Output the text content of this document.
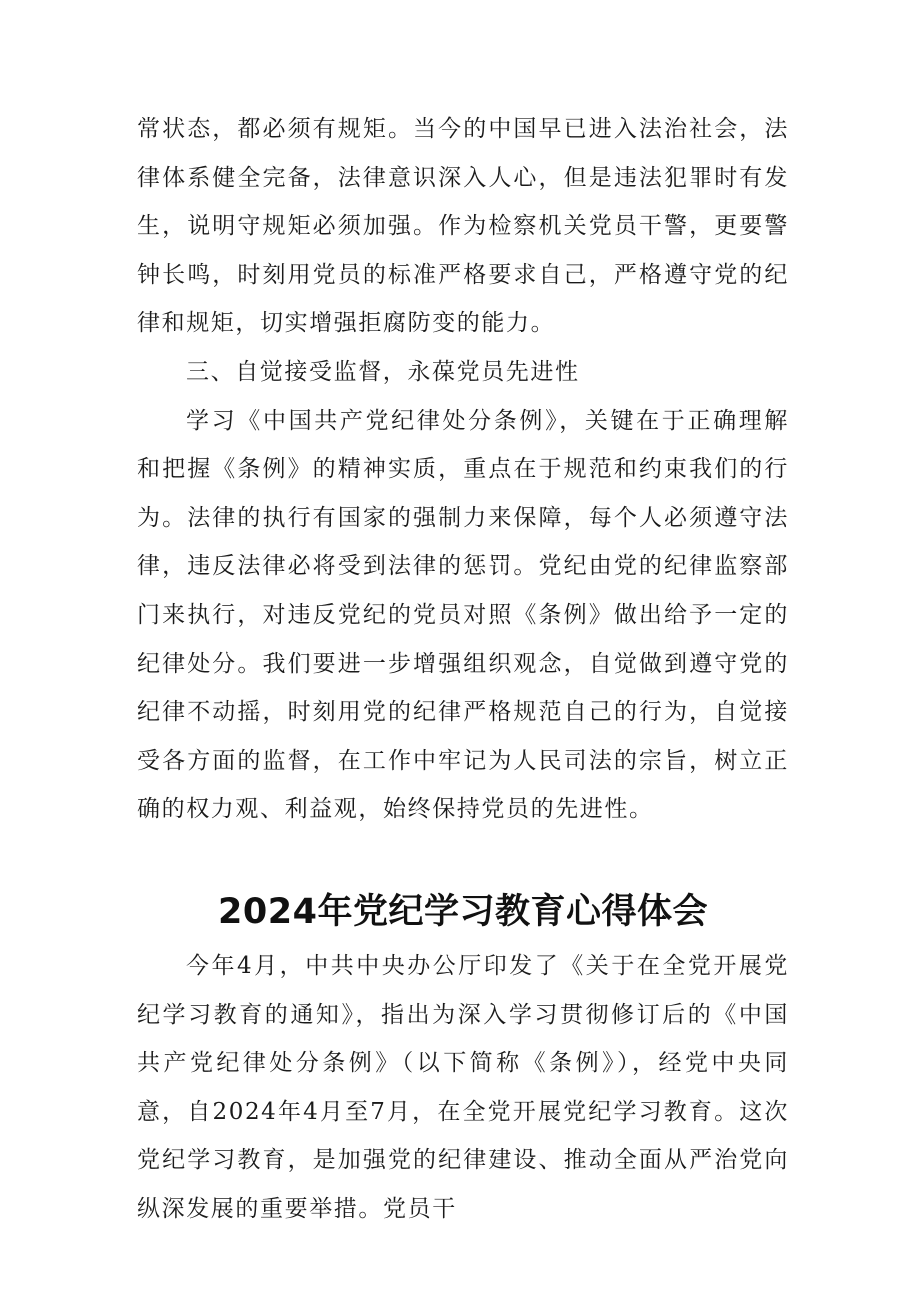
常状态，都必须有规矩。当今的中国早已进入法治社会，法律体系健全完备，法律意识深入人心，但是违法犯罪时有发生，说明守规矩必须加强。作为检察机关党员干警，更要警钟长鸣，时刻用党员的标准严格要求自己，严格遵守党的纪律和规矩，切实增强拒腐防变的能力。

三、自觉接受监督，永葆党员先进性

学习《中国共产党纪律处分条例》，关键在于正确理解和把握《条例》的精神实质，重点在于规范和约束我们的行为。法律的执行有国家的强制力来保障，每个人必须遵守法律，违反法律必将受到法律的惩罚。党纪由党的纪律监察部门来执行，对违反党纪的党员对照《条例》做出给予一定的纪律处分。我们要进一步增强组织观念，自觉做到遵守党的纪律不动摇，时刻用党的纪律严格规范自己的行为，自觉接受各方面的监督，在工作中牢记为人民司法的宗旨，树立正确的权力观、利益观，始终保持党员的先进性。

2024年党纪学习教育心得体会

今年4月，中共中央办公厅印发了《关于在全党开展党纪学习教育的通知》，指出为深入学习贯彻修订后的《中国共产党纪律处分条例》（以下简称《条例》），经党中央同意，自2024年4月至7月，在全党开展党纪学习教育。这次党纪学习教育，是加强党的纪律建设、推动全面从严治党向纵深发展的重要举措。党员干
